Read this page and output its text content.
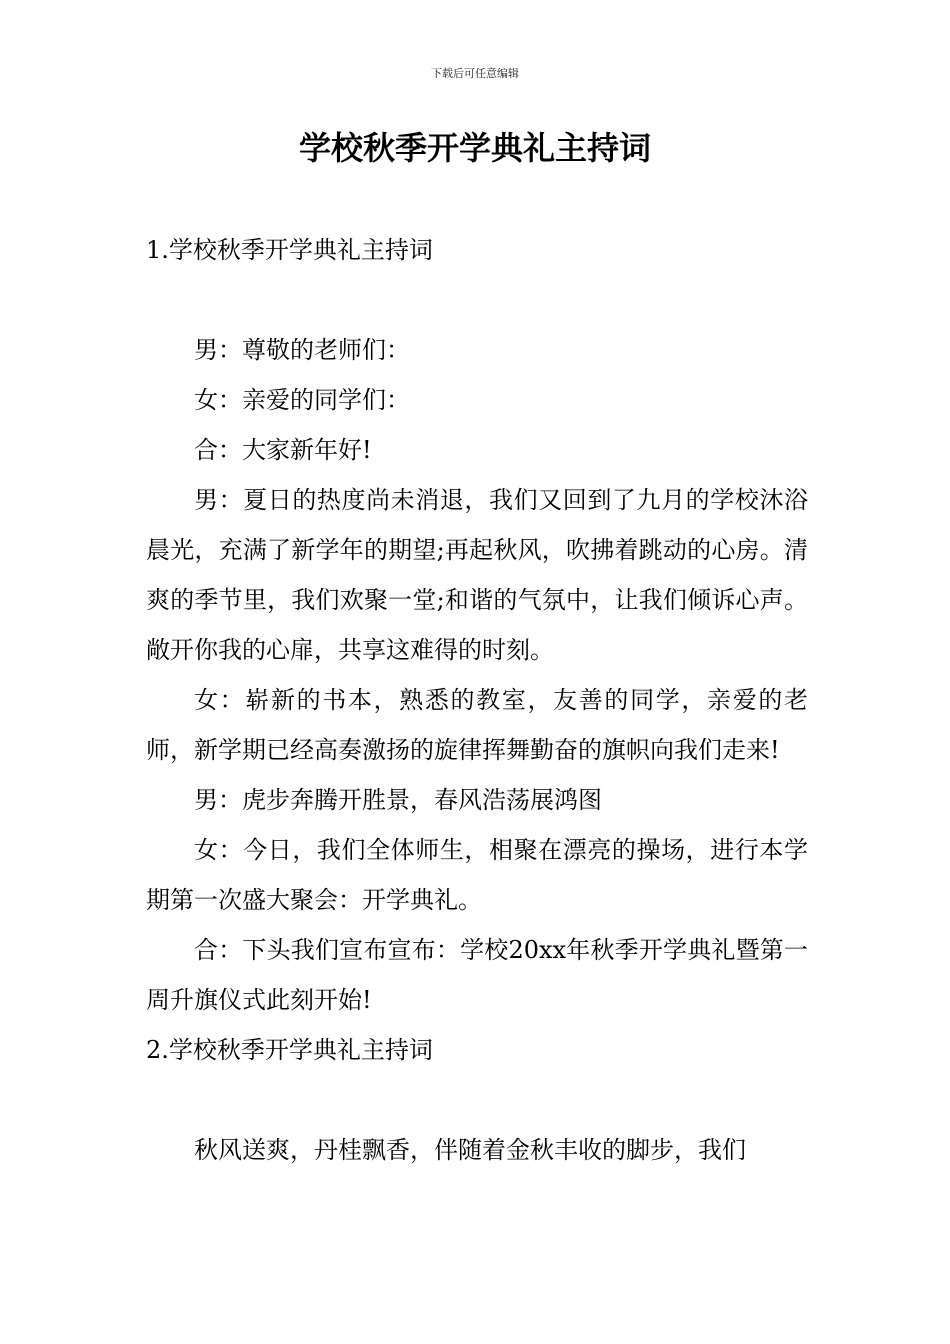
下载后可任意编辑
学校秋季开学典礼主持词

1.学校秋季开学典礼主持词

男：尊敬的老师们：

女：亲爱的同学们：

合：大家新年好!

男：夏日的热度尚未消退，我们又回到了九月的学校沐浴晨光，充满了新学年的期望;再起秋风，吹拂着跳动的心房。清爽的季节里，我们欢聚一堂;和谐的气氛中，让我们倾诉心声。敞开你我的心扉，共享这难得的时刻。

女：崭新的书本，熟悉的教室，友善的同学，亲爱的老师，新学期已经高奏激扬的旋律挥舞勤奋的旗帜向我们走来!

男：虎步奔腾开胜景，春风浩荡展鸿图

女：今日，我们全体师生，相聚在漂亮的操场，进行本学期第一次盛大聚会：开学典礼。

合：下头我们宣布宣布：学校20xx年秋季开学典礼暨第一周升旗仪式此刻开始!

2.学校秋季开学典礼主持词

秋风送爽，丹桂飘香，伴随着金秋丰收的脚步，我们
